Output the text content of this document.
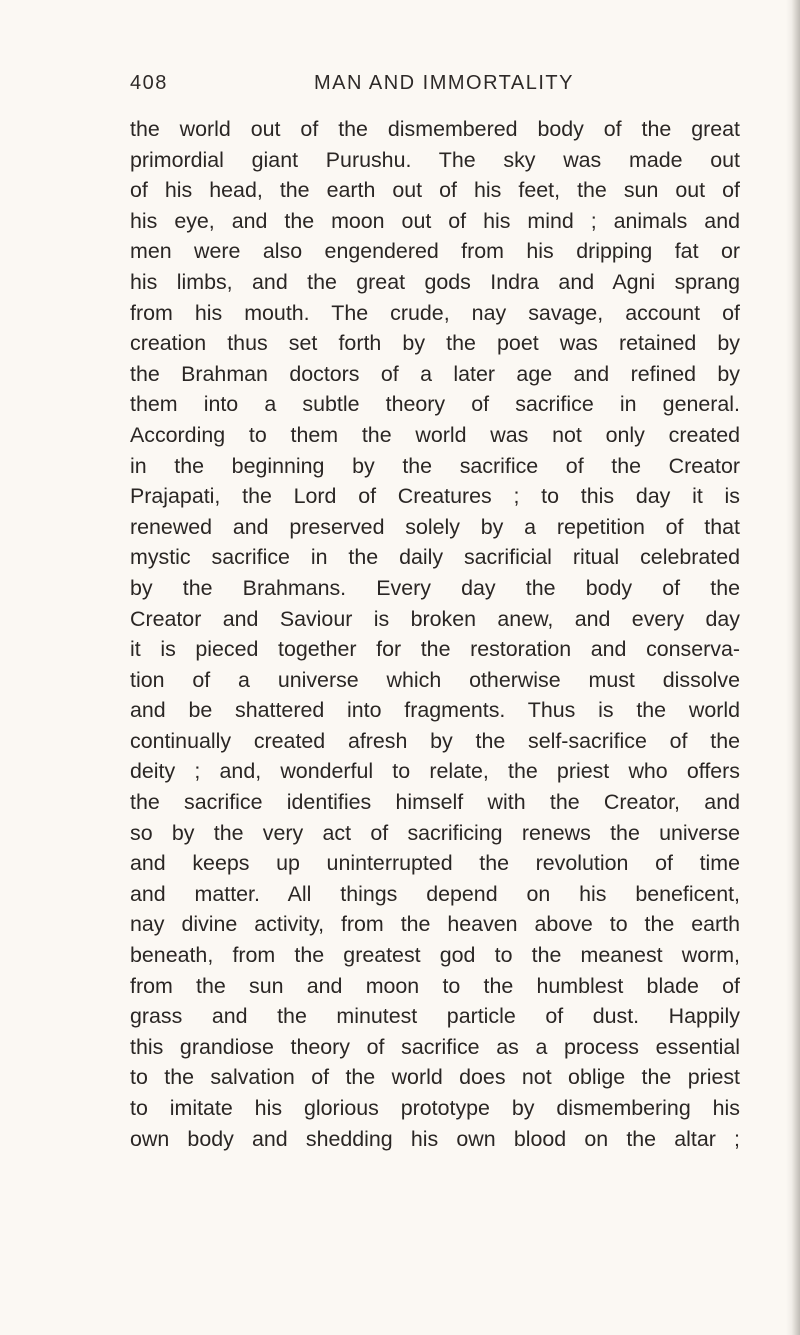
408	MAN AND IMMORTALITY
the world out of the dismembered body of the great
primordial giant Purushu. The sky was made out
of his head, the earth out of his feet, the sun out of
his eye, and the moon out of his mind ; animals and
men were also engendered from his dripping fat or
his limbs, and the great gods Indra and Agni sprang
from his mouth. The crude, nay savage, account of
creation thus set forth by the poet was retained by
the Brahman doctors of a later age and refined by
them into a subtle theory of sacrifice in general.
According to them the world was not only created
in the beginning by the sacrifice of the Creator
Prajapati, the Lord of Creatures ; to this day it is
renewed and preserved solely by a repetition of that
mystic sacrifice in the daily sacrificial ritual celebrated
by the Brahmans. Every day the body of the
Creator and Saviour is broken anew, and every day
it is pieced together for the restoration and conserva-
tion of a universe which otherwise must dissolve
and be shattered into fragments. Thus is the world
continually created afresh by the self-sacrifice of the
deity ; and, wonderful to relate, the priest who offers
the sacrifice identifies himself with the Creator, and
so by the very act of sacrificing renews the universe
and keeps up uninterrupted the revolution of time
and matter. All things depend on his beneficent,
nay divine activity, from the heaven above to the earth
beneath, from the greatest god to the meanest worm,
from the sun and moon to the humblest blade of
grass and the minutest particle of dust. Happily
this grandiose theory of sacrifice as a process essential
to the salvation of the world does not oblige the priest
to imitate his glorious prototype by dismembering his
own body and shedding his own blood on the altar ;
